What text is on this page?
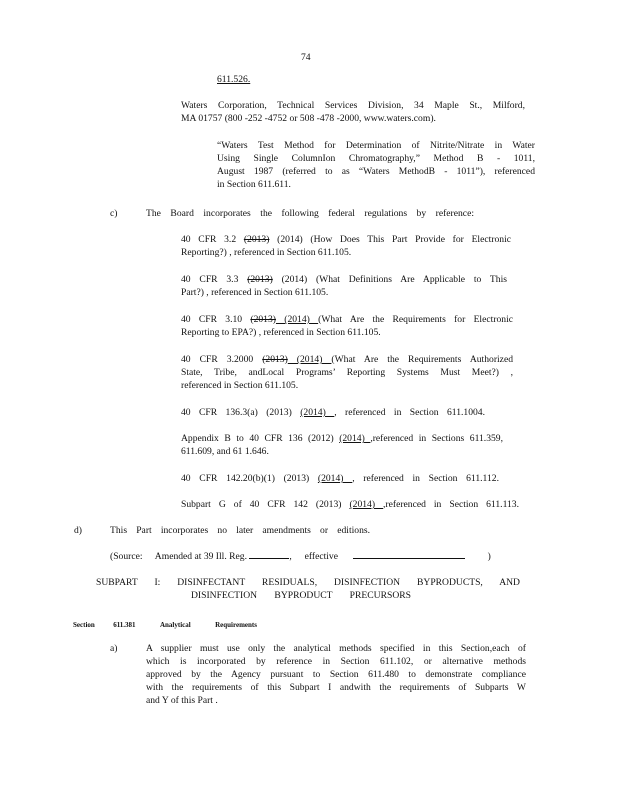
74
611.526.

Waters Corporation, Technical Services Division, 34 Maple St., Milford,

MA 01757 (800 -252 -4752 or 508 -478 -2000, www.waters.com).

“Waters Test Method for Determination of Nitrite/Nitrate in Water

Using Single ColumnIon Chromatography,” Method B - 1011,

August 1987 (referred to as “Waters MethodB - 1011”), referenced

in Section 611.611.

c)	The Board incorporates the following federal regulations by reference:

40 CFR 3.2 (2013) (2014) (How Does This Part Provide for Electronic

Reporting?) , referenced in Section 611.105.

40 CFR 3.3 (2013) (2014) (What Definitions Are Applicable to This

Part?) , referenced in Section 611.105.

40 CFR 3.10 (2013) (2014) (What Are the Requirements for Electronic

Reporting to EPA?) , referenced in Section 611.105.

40 CFR 3.2000 (2013) (2014) (What Are the Requirements Authorized

State, Tribe, andLocal Programs’ Reporting Systems Must Meet?) ,

referenced in Section 611.105.

40 CFR 136.3(a) (2013) (2014) , referenced in Section 611.1004.

Appendix B to 40 CFR 136 (2012) (2014) ,referenced in Sections 611.359,

611.609, and 61 1.646.

40 CFR 142.20(b)(1) (2013) (2014) , referenced in Section 611.112.

Subpart G of 40 CFR 142 (2013) (2014) ,referenced in Section 611.113.

d)	This Part incorporates no later amendments or editions.

(Source: Amended at 39 Ill. Reg.	, effective	)

SUBPART I: DISINFECTANT RESIDUALS, DISINFECTION BYPRODUCTS, AND

DISINFECTION BYPRODUCT PRECURSORS

Section	611.381	Analytical	Requirements
a)	A supplier must use only the analytical methods specified in this Section,each of

which is incorporated by reference in Section 611.102, or alternative methods

approved by the Agency pursuant to Section 611.480 to demonstrate compliance

with the requirements of this Subpart I andwith the requirements of Subparts W

and Y of this Part .
